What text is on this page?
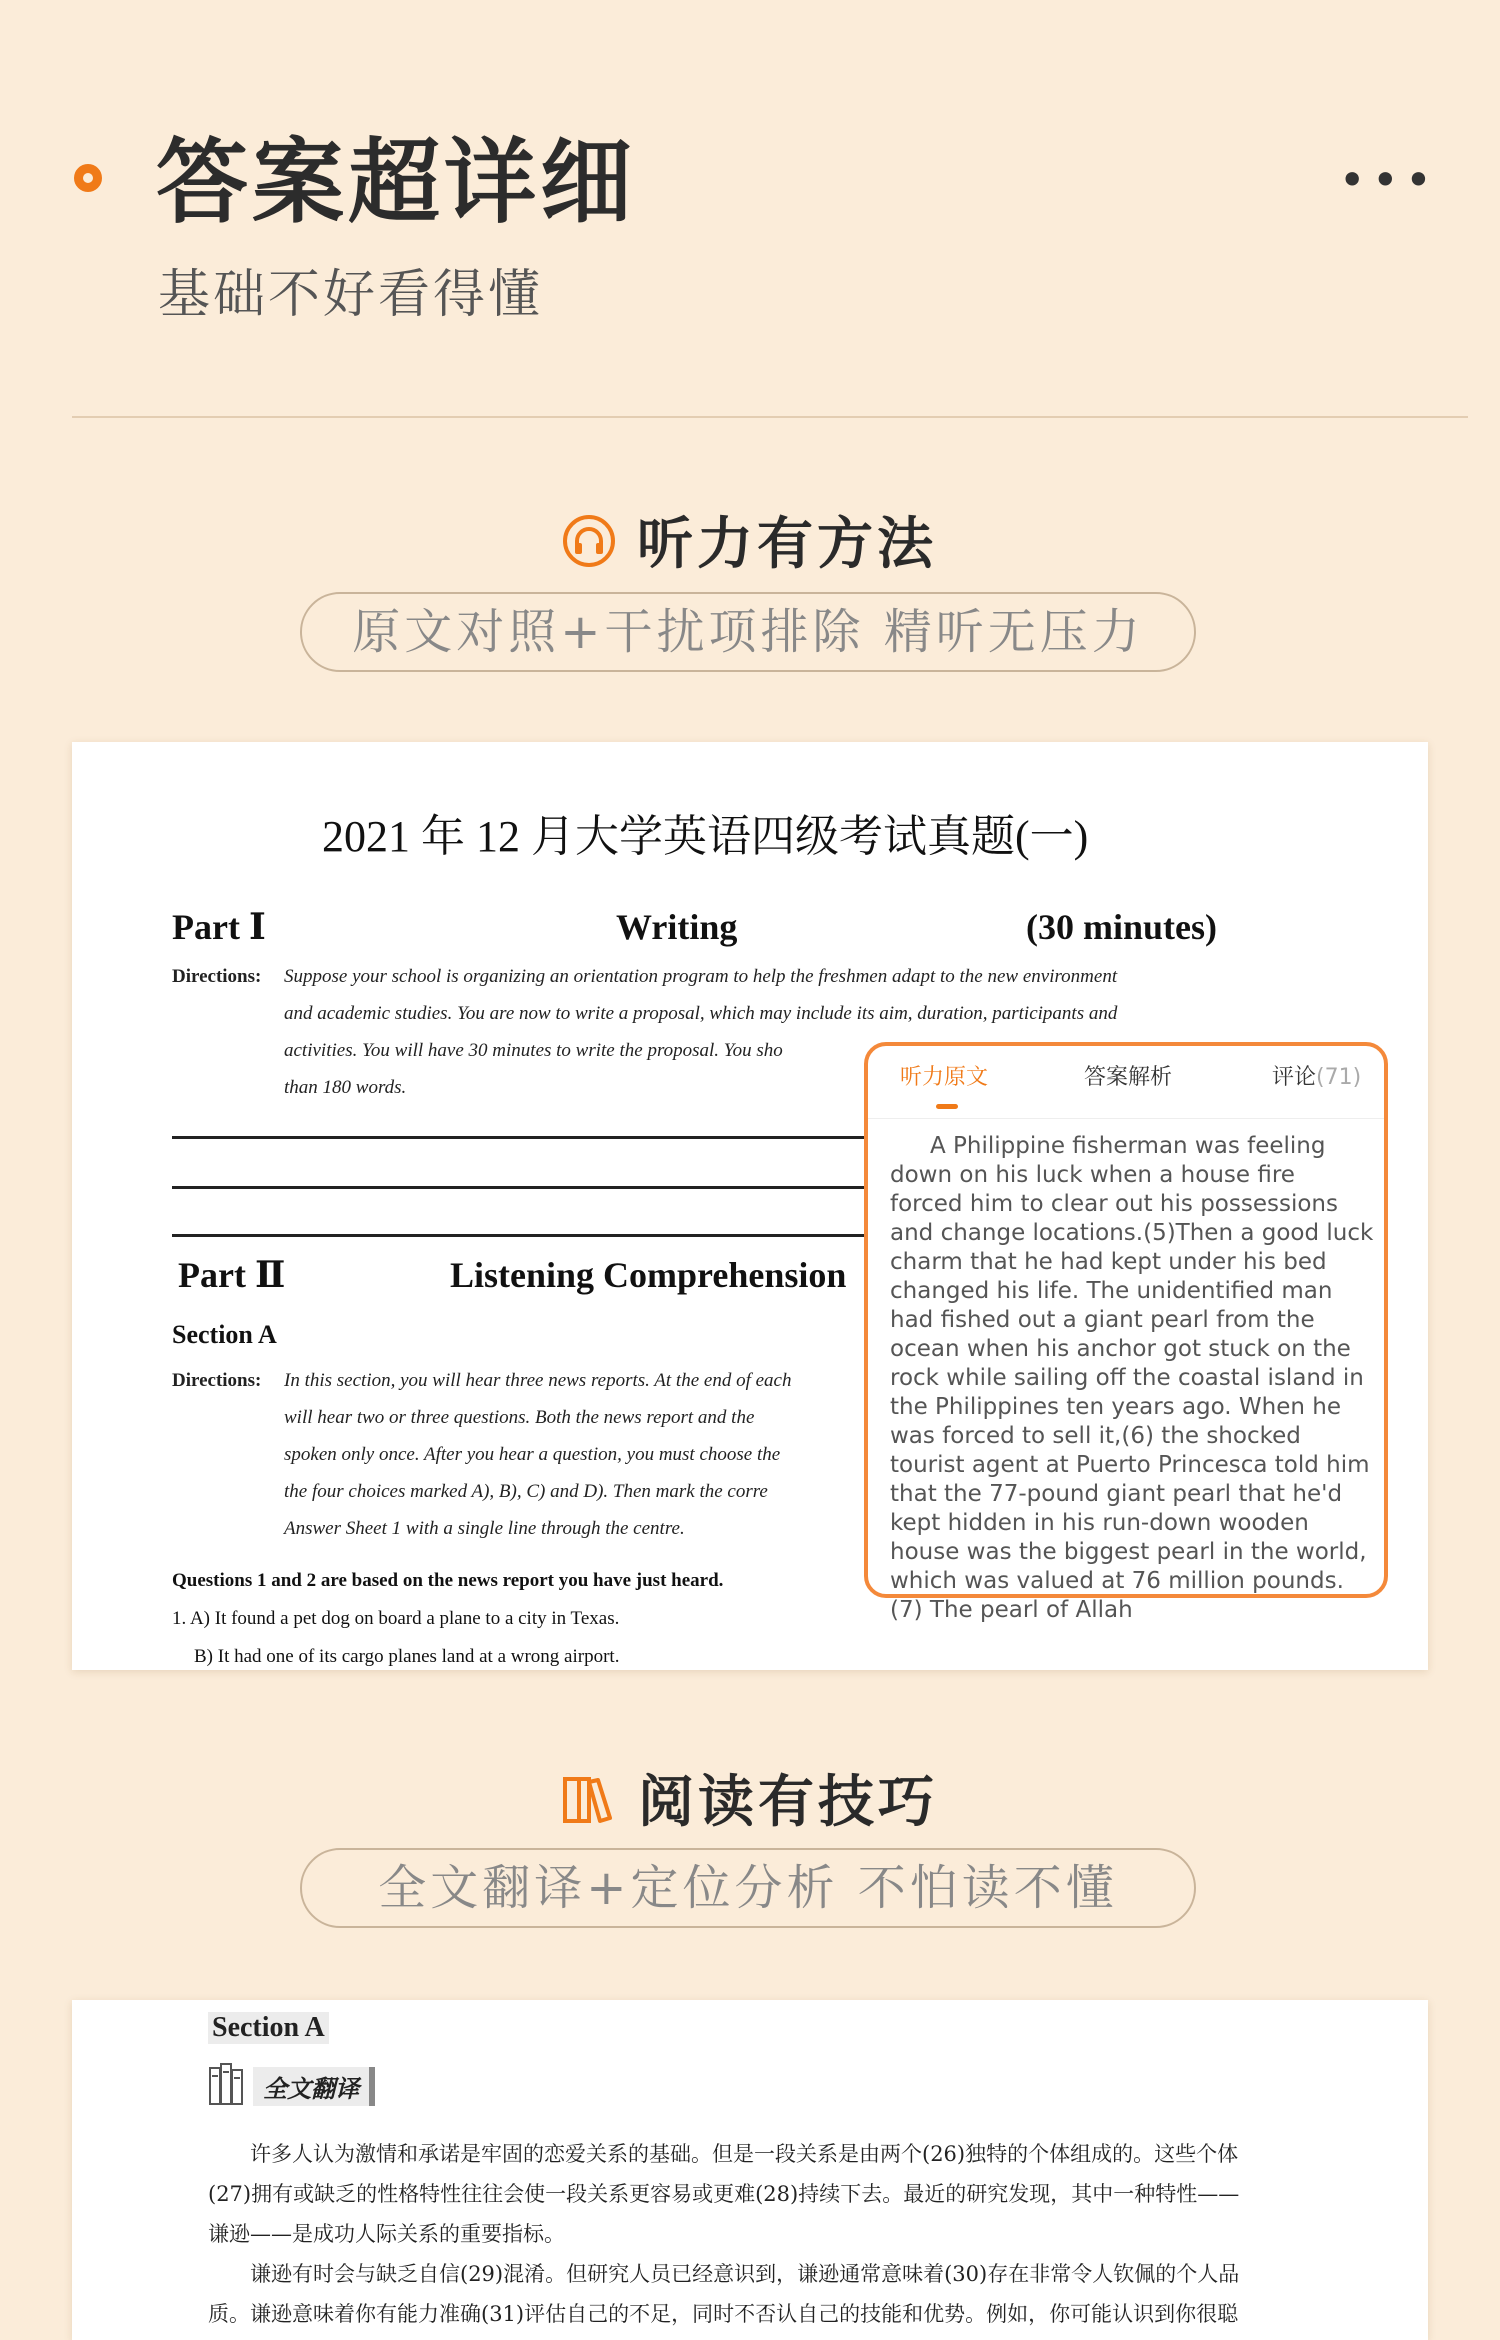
答案超详细
基础不好看得懂
•••
听力有方法
原文对照+干扰项排除 精听无压力
2021 年 12 月大学英语四级考试真题(一)
Part Ⅰ	Writing	(30 minutes)
Directions: Suppose your school is organizing an orientation program to help the freshmen adapt to the new environment
and academic studies. You are now to write a proposal, which may include its aim, duration, participants and
activities. You will have 30 minutes to write the proposal. You sho
than 180 words.
Part Ⅱ	Listening Comprehension
Section A
Directions: In this section, you will hear three news reports. At the end of each
will hear two or three questions. Both the news report and the
spoken only once. After you hear a question, you must choose the
the four choices marked A), B), C) and D). Then mark the corre
Answer Sheet 1 with a single line through the centre.
Questions 1 and 2 are based on the news report you have just heard.
1. A) It found a pet dog on board a plane to a city in Texas.
B) It had one of its cargo planes land at a wrong airport.
听力原文	答案解析	评论(71)

A Philippine fisherman was feeling down on his luck when a house fire forced him to clear out his possessions and change locations.(5)Then a good luck charm that he had kept under his bed changed his life. The unidentified man had fished out a giant pearl from the ocean when his anchor got stuck on the rock while sailing off the coastal island in the Philippines ten years ago. When he was forced to sell it,(6) the shocked tourist agent at Puerto Princesca told him that the 77-pound giant pearl that he'd kept hidden in his run-down wooden house was the biggest pearl in the world, which was valued at 76 million pounds.(7) The pearl of Allah

阅读有技巧
全文翻译+定位分析 不怕读不懂
Section A
全文翻译
许多人认为激情和承诺是牢固的恋爱关系的基础。但是一段关系是由两个(26)独特的个体组成的。这些个体
(27)拥有或缺乏的性格特性往往会使一段关系更容易或更难(28)持续下去。最近的研究发现，其中一种特性——
谦逊——是成功人际关系的重要指标。
谦逊有时会与缺乏自信(29)混淆。但研究人员已经意识到，谦逊通常意味着(30)存在非常令人钦佩的个人品
质。谦逊意味着你有能力准确(31)评估自己的不足，同时不否认自己的技能和优势。例如，你可能认识到你很聪
